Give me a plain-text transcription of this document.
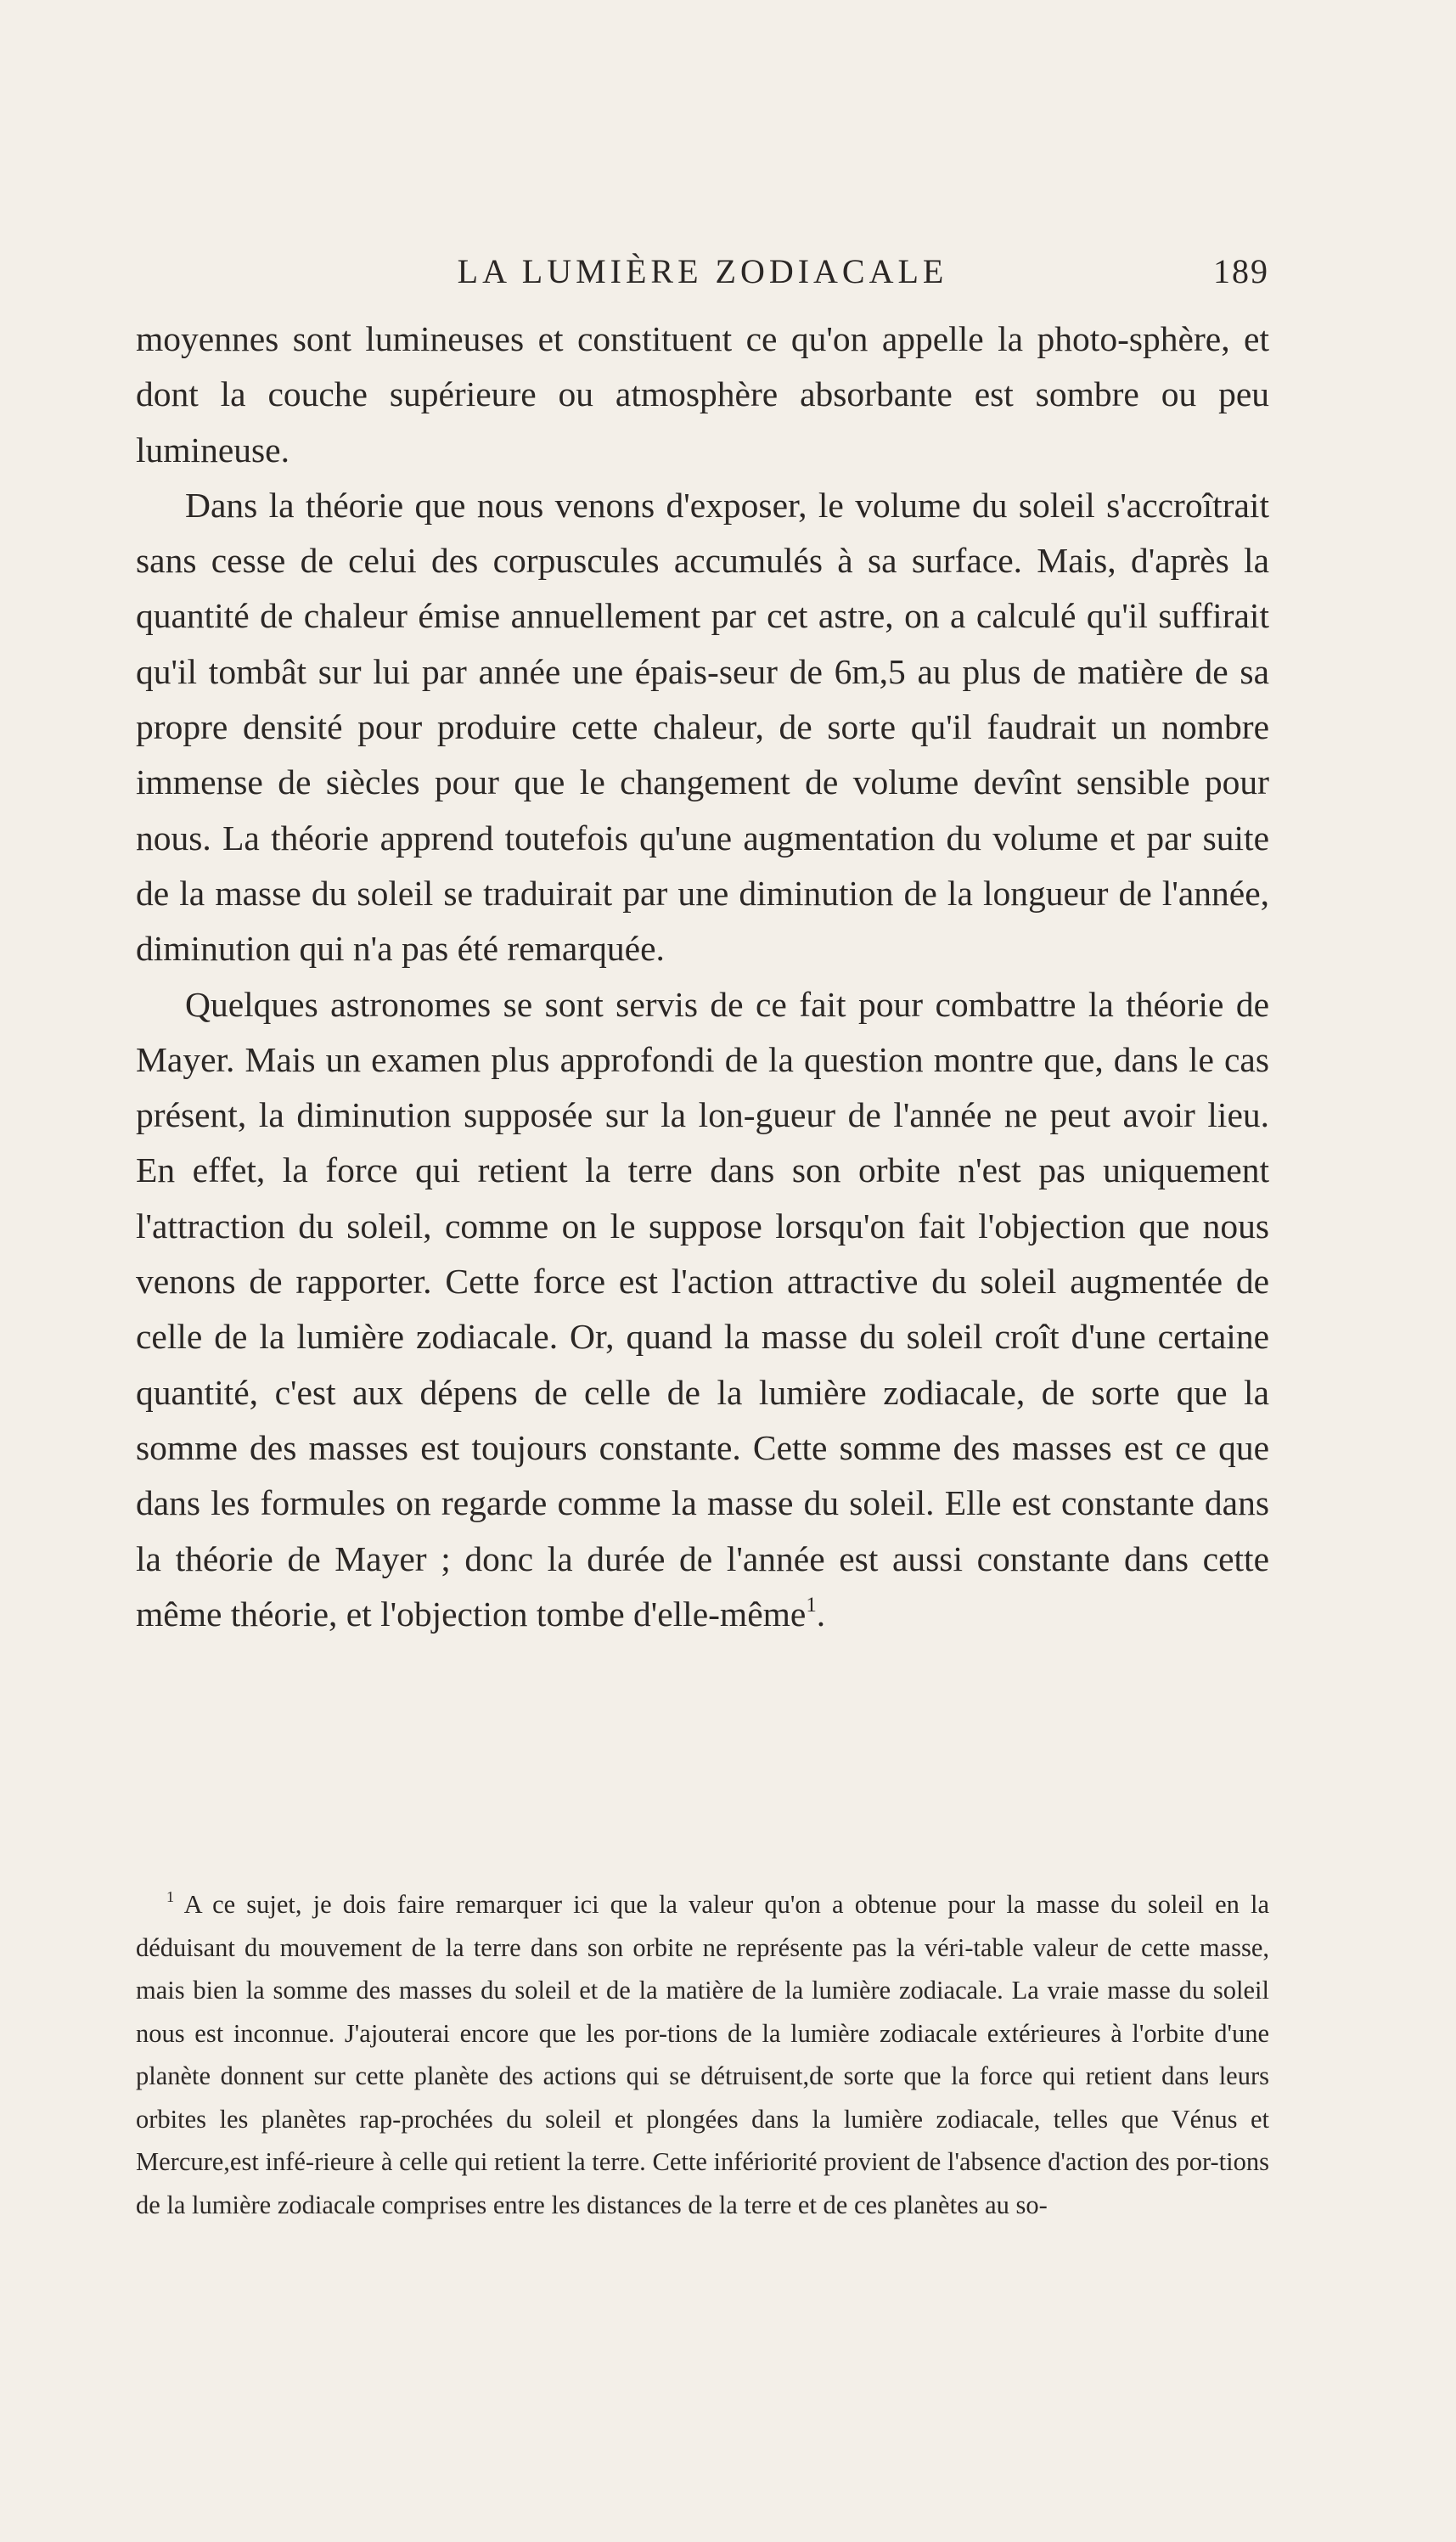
LA LUMIÈRE ZODIACALE	189

moyennes sont lumineuses et constituent ce qu'on appelle la photo-sphère, et dont la couche supérieure ou atmosphère absorbante est sombre ou peu lumineuse.

Dans la théorie que nous venons d'exposer, le volume du soleil s'accroîtrait sans cesse de celui des corpuscules accumulés à sa surface. Mais, d'après la quantité de chaleur émise annuellement par cet astre, on a calculé qu'il suffirait qu'il tombât sur lui par année une épais-seur de 6m,5 au plus de matière de sa propre densité pour produire cette chaleur, de sorte qu'il faudrait un nombre immense de siècles pour que le changement de volume devînt sensible pour nous. La théorie apprend toutefois qu'une augmentation du volume et par suite de la masse du soleil se traduirait par une diminution de la longueur de l'année, diminution qui n'a pas été remarquée.

Quelques astronomes se sont servis de ce fait pour combattre la théorie de Mayer. Mais un examen plus approfondi de la question montre que, dans le cas présent, la diminution supposée sur la lon-gueur de l'année ne peut avoir lieu. En effet, la force qui retient la terre dans son orbite n'est pas uniquement l'attraction du soleil, comme on le suppose lorsqu'on fait l'objection que nous venons de rapporter. Cette force est l'action attractive du soleil augmentée de celle de la lumière zodiacale. Or, quand la masse du soleil croît d'une certaine quantité, c'est aux dépens de celle de la lumière zodiacale, de sorte que la somme des masses est toujours constante. Cette somme des masses est ce que dans les formules on regarde comme la masse du soleil. Elle est constante dans la théorie de Mayer ; donc la durée de l'année est aussi constante dans cette même théorie, et l'objection tombe d'elle-même$^1$.

$^1$ A ce sujet, je dois faire remarquer ici que la valeur qu'on a obtenue pour la masse du soleil en la déduisant du mouvement de la terre dans son orbite ne représente pas la véri-table valeur de cette masse, mais bien la somme des masses du soleil et de la matière de la lumière zodiacale. La vraie masse du soleil nous est inconnue. J'ajouterai encore que les por-tions de la lumière zodiacale extérieures à l'orbite d'une planète donnent sur cette planète des actions qui se détruisent,de sorte que la force qui retient dans leurs orbites les planètes rap-prochées du soleil et plongées dans la lumière zodiacale, telles que Vénus et Mercure,est infé-rieure à celle qui retient la terre. Cette infériorité provient de l'absence d'action des por-tions de la lumière zodiacale comprises entre les distances de la terre et de ces planètes au so-
